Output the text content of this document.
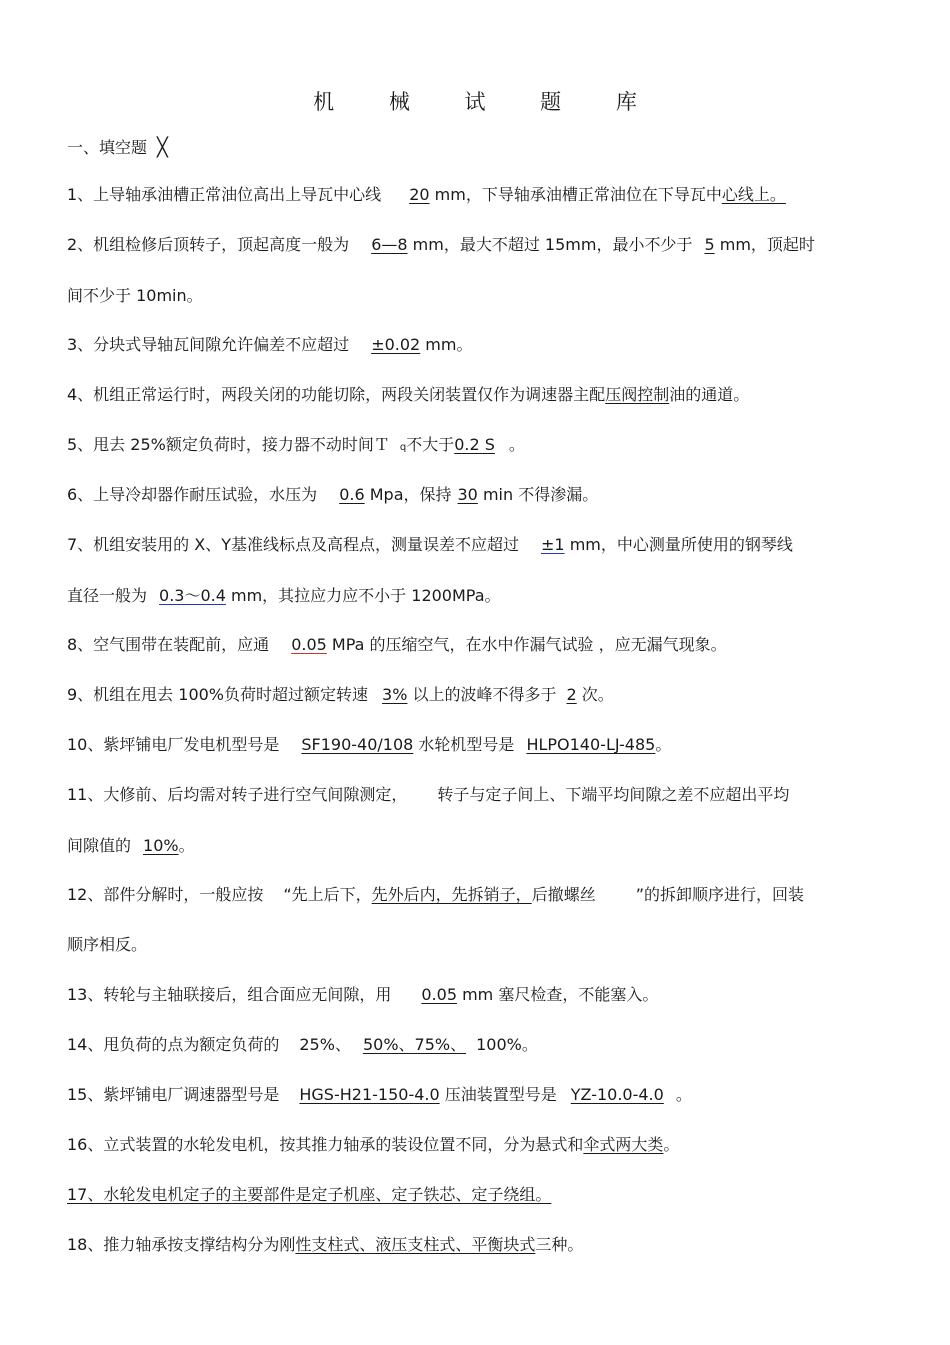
机 械 试 题 库
一、填空题 ╳
1、上导轴承油槽正常油位高出上导瓦中心线 20 mm，下导轴承油槽正常油位在下导瓦中心线上。
2、机组检修后顶转子，顶起高度一般为 6—8 mm，最大不超过 15mm，最小不少于 5 mm，顶起时
间不少于 10min。
3、分块式导轴瓦间隙允许偏差不应超过 ±0.02 mm。
4、机组正常运行时，两段关闭的功能切除，两段关闭装置仅作为调速器主配压阀控制油的通道。
5、甩去 25%额定负荷时，接力器不动时间Ｔ q不大于0.2 S 。
6、上导冷却器作耐压试验，水压为 0.6 Mpa，保持 30 min 不得渗漏。
7、机组安装用的 X、Y基准线标点及高程点，测量误差不应超过 ±1 mm，中心测量所使用的钢琴线
直径一般为 0.3～0.4 mm，其拉应力应不小于 1200MPa。
8、空气围带在装配前，应通 0.05 MPa 的压缩空气，在水中作漏气试验 ，应无漏气现象。
9、机组在甩去 100%负荷时超过额定转速 3% 以上的波峰不得多于 2 次。
10、紫坪铺电厂发电机型号是 SF190-40/108 水轮机型号是 HLPO140-LJ-485。
11、大修前、后均需对转子进行空气间隙测定， 转子与定子间上、下端平均间隙之差不应超出平均
间隙值的 10%。
12、部件分解时，一般应按 “先上后下，先外后内，先拆销子，后撤螺丝	”的拆卸顺序进行，回装
顺序相反。
13、转轮与主轴联接后，组合面应无间隙，用 0.05 mm 塞尺检查，不能塞入。
14、甩负荷的点为额定负荷的 25%、 50%、75%、 100%。
15、紫坪铺电厂调速器型号是 HGS-H21-150-4.0 压油装置型号是 YZ-10.0-4.0 。
16、立式装置的水轮发电机，按其推力轴承的装设位置不同，分为悬式和伞式两大类。
17、水轮发电机定子的主要部件是定子机座、定子铁芯、定子绕组。
18、推力轴承按支撑结构分为刚性支柱式、液压支柱式、平衡块式三种。
